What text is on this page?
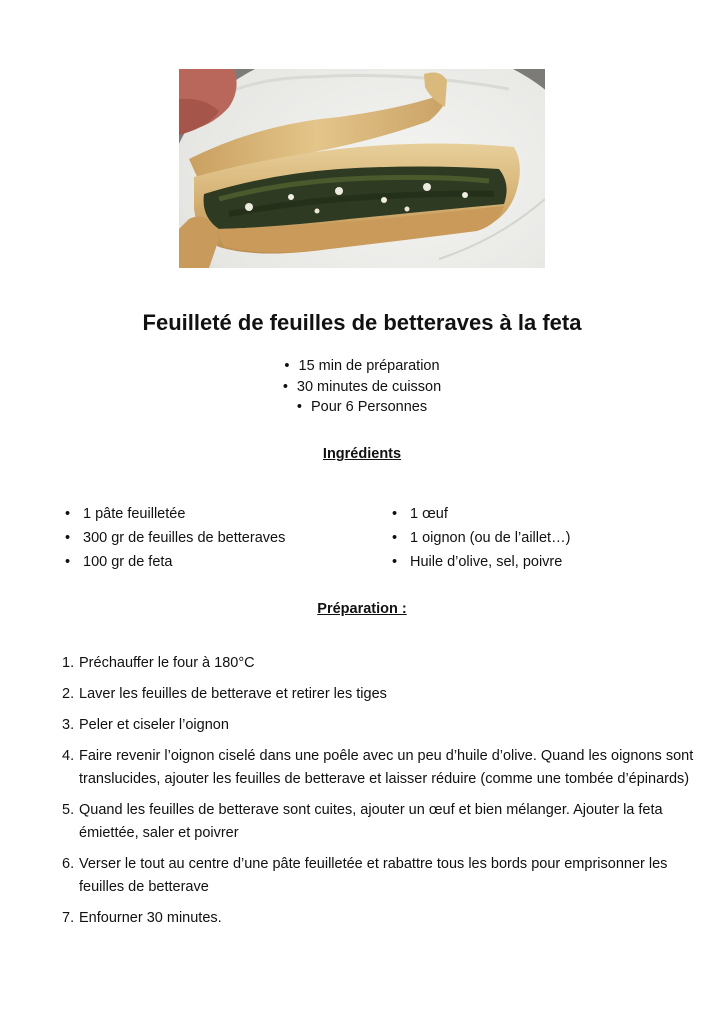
Feuilleté de feuilles de betteraves à la feta
• 15 min de préparation
• 30 minutes de cuisson
• Pour 6 Personnes
Ingrédients
• 1 pâte feuilletée
• 300 gr de feuilles de betteraves
• 100 gr de feta
• 1 œuf
• 1 oignon (ou de l’aillet…)
• Huile d’olive, sel, poivre
Préparation :
1. Préchauffer le four à 180°C
2. Laver les feuilles de betterave et retirer les tiges
3. Peler et ciseler l’oignon
4. Faire revenir l’oignon ciselé dans une poêle avec un peu d’huile d’olive. Quand les oignons sont translucides, ajouter les feuilles de betterave et laisser réduire (comme une tombée d’épinards)
5. Quand les feuilles de betterave sont cuites, ajouter un œuf et bien mélanger. Ajouter la feta émiettée, saler et poivrer
6. Verser le tout au centre d’une pâte feuilletée et rabattre tous les bords pour emprisonner les feuilles de betterave
7. Enfourner 30 minutes.
